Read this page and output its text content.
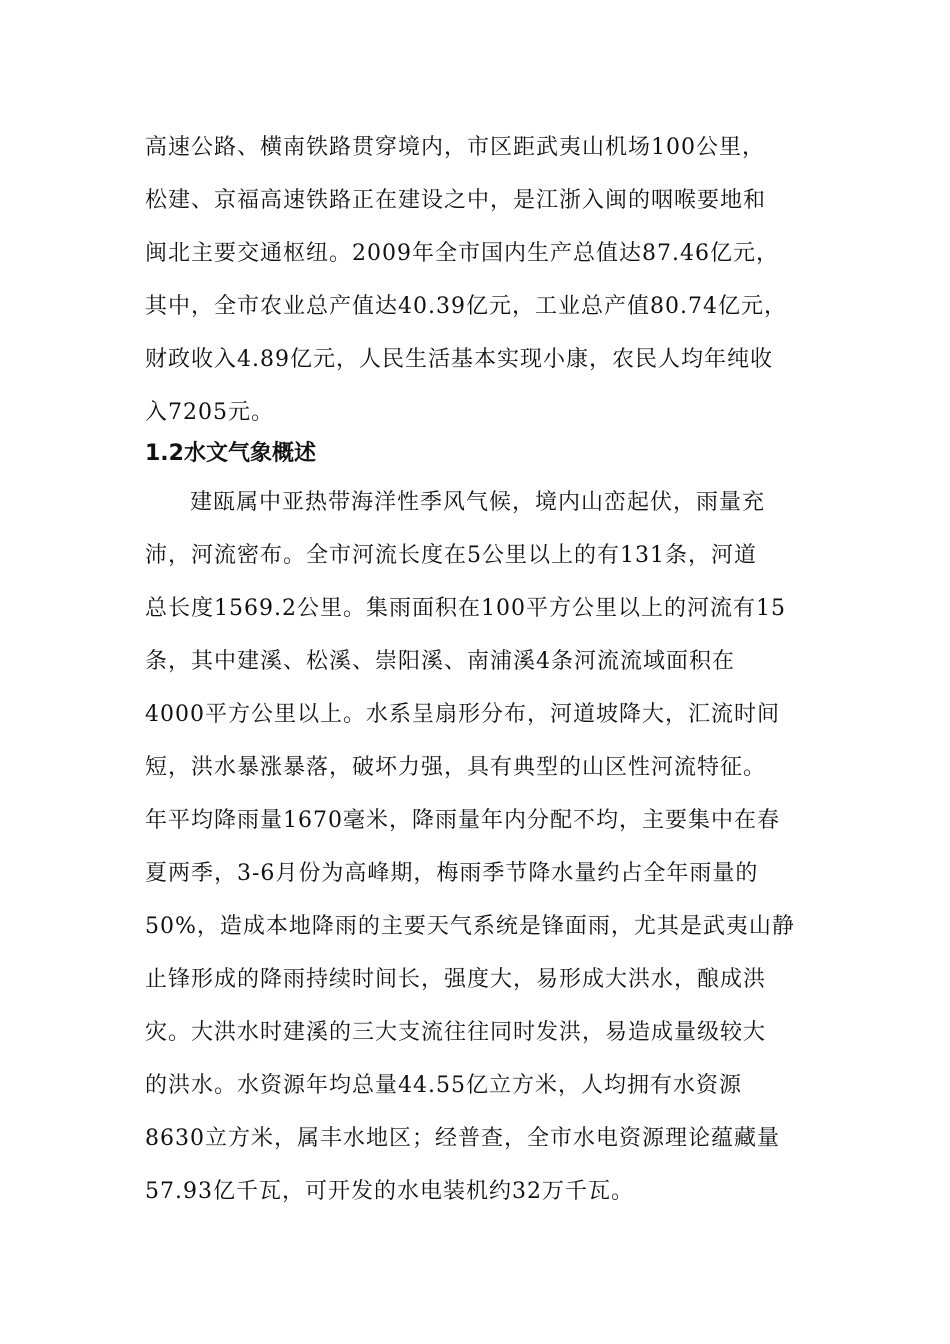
高速公路、横南铁路贯穿境内，市区距武夷山机场100公里，
松建、京福高速铁路正在建设之中，是江浙入闽的咽喉要地和
闽北主要交通枢纽。2009年全市国内生产总值达87.46亿元，
其中，全市农业总产值达40.39亿元，工业总产值80.74亿元，
财政收入4.89亿元，人民生活基本实现小康，农民人均年纯收
入7205元。
1.2水文气象概述
建瓯属中亚热带海洋性季风气候，境内山峦起伏，雨量充
沛，河流密布。全市河流长度在5公里以上的有131条，河道
总长度1569.2公里。集雨面积在100平方公里以上的河流有15
条，其中建溪、松溪、崇阳溪、南浦溪4条河流流域面积在
4000平方公里以上。水系呈扇形分布，河道坡降大，汇流时间
短，洪水暴涨暴落，破坏力强，具有典型的山区性河流特征。
年平均降雨量1670毫米，降雨量年内分配不均，主要集中在春
夏两季，3-6月份为高峰期，梅雨季节降水量约占全年雨量的
50%，造成本地降雨的主要天气系统是锋面雨，尤其是武夷山静
止锋形成的降雨持续时间长，强度大，易形成大洪水，酿成洪
灾。大洪水时建溪的三大支流往往同时发洪，易造成量级较大
的洪水。水资源年均总量44.55亿立方米，人均拥有水资源
8630立方米，属丰水地区；经普查，全市水电资源理论蕴藏量
57.93亿千瓦，可开发的水电装机约32万千瓦。
